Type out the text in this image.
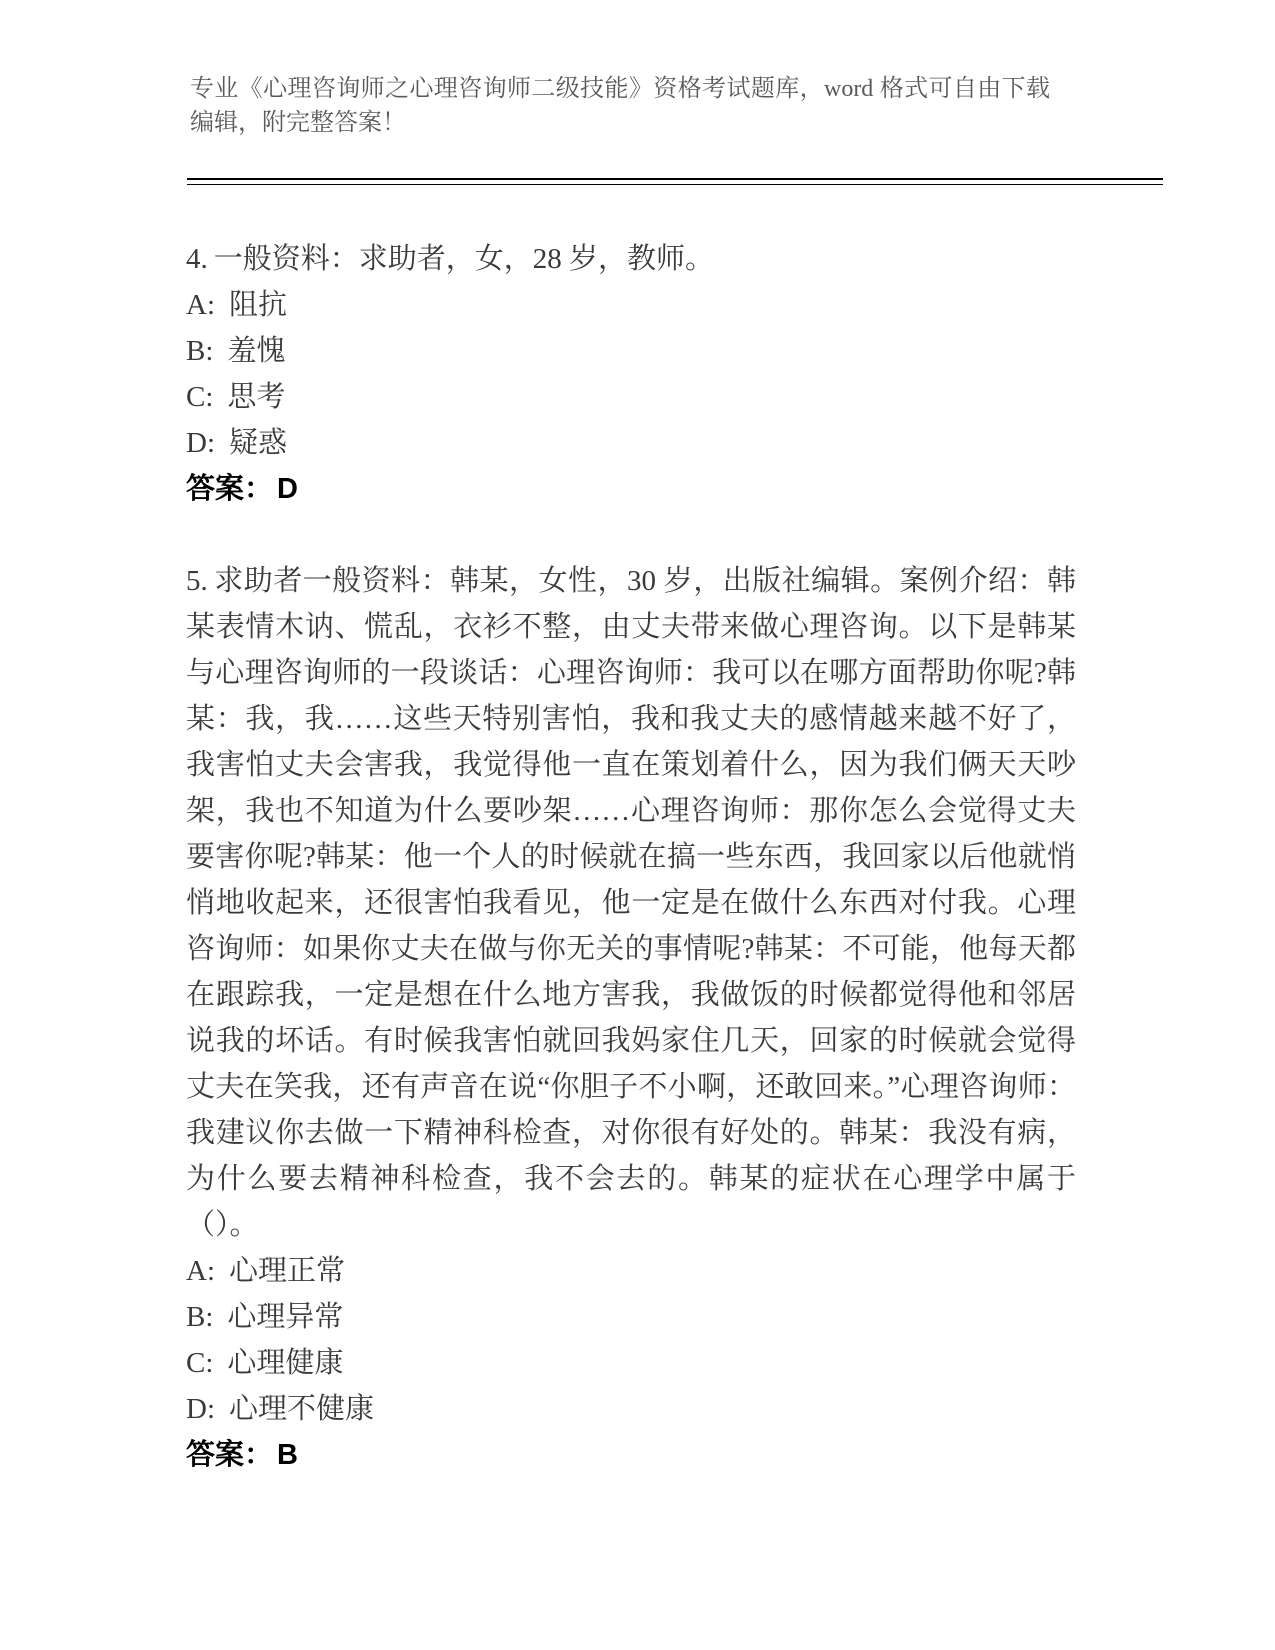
专业《心理咨询师之心理咨询师二级技能》资格考试题库，word 格式可自由下载编辑，附完整答案！

4. 一般资料：求助者，女，28 岁，教师。

A: 阻抗
B: 羞愧
C: 思考
D: 疑惑
答案： D

5. 求助者一般资料：韩某，女性，30 岁，出版社编辑。案例介绍：韩某表情木讷、慌乱，衣衫不整，由丈夫带来做心理咨询。以下是韩某与心理咨询师的一段谈话：心理咨询师：我可以在哪方面帮助你呢?韩某：我，我……这些天特别害怕，我和我丈夫的感情越来越不好了，我害怕丈夫会害我，我觉得他一直在策划着什么，因为我们俩天天吵架，我也不知道为什么要吵架……心理咨询师：那你怎么会觉得丈夫要害你呢?韩某：他一个人的时候就在搞一些东西，我回家以后他就悄悄地收起来，还很害怕我看见，他一定是在做什么东西对付我。心理咨询师：如果你丈夫在做与你无关的事情呢?韩某：不可能，他每天都在跟踪我，一定是想在什么地方害我，我做饭的时候都觉得他和邻居说我的坏话。有时候我害怕就回我妈家住几天，回家的时候就会觉得丈夫在笑我，还有声音在说“你胆子不小啊，还敢回来。”心理咨询师：我建议你去做一下精神科检查，对你很有好处的。韩某：我没有病，为什么要去精神科检查，我不会去的。韩某的症状在心理学中属于（）。

A: 心理正常
B: 心理异常
C: 心理健康
D: 心理不健康
答案： B
